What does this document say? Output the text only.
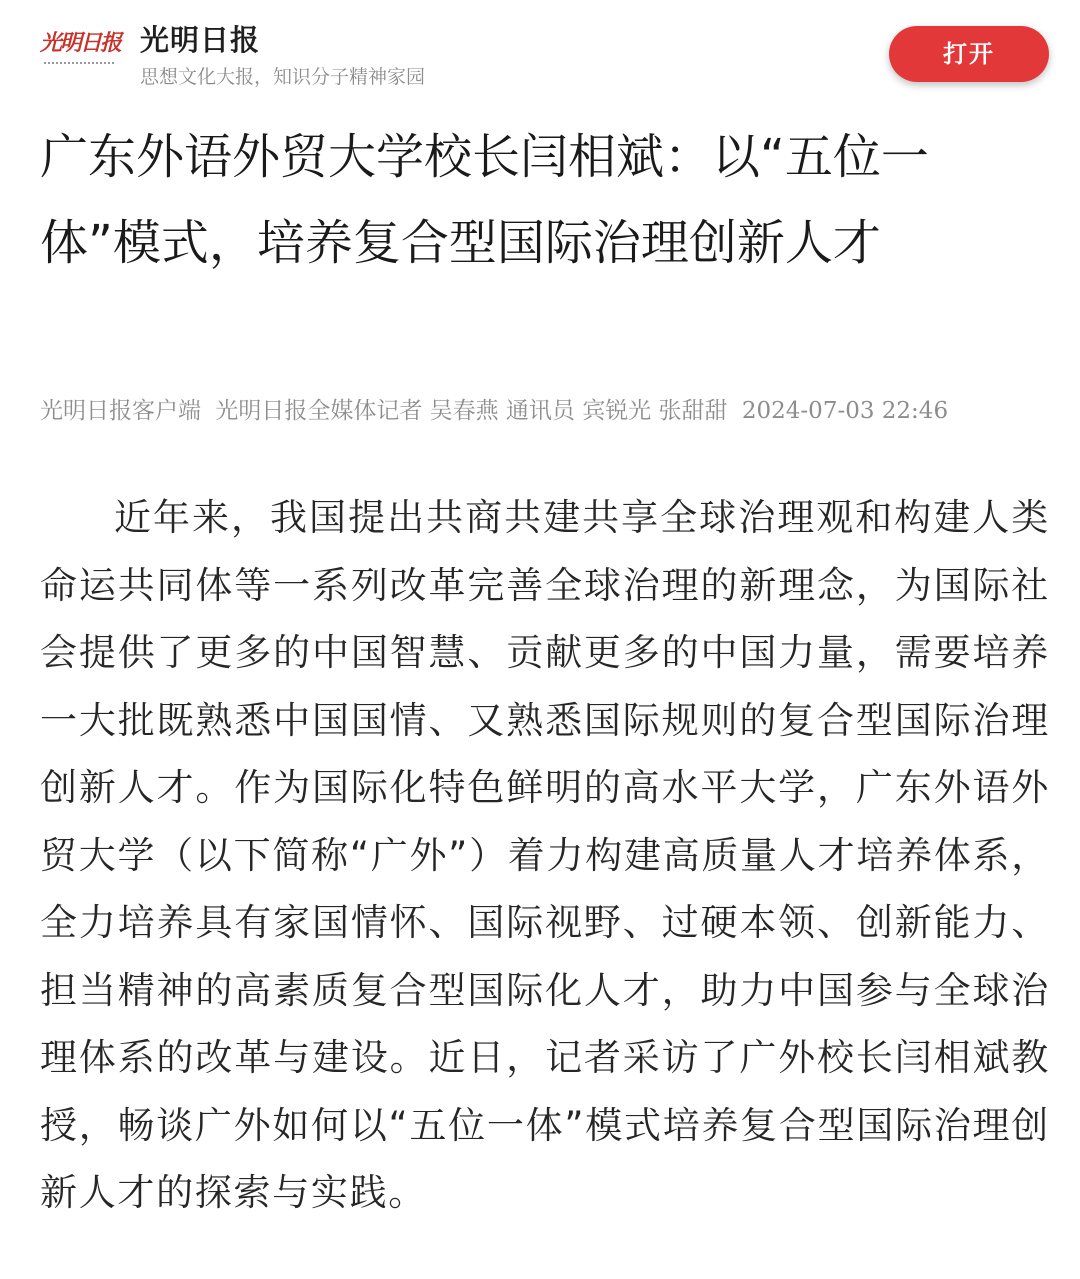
光明日报 光明日报
思想文化大报，知识分子精神家园
打开
广东外语外贸大学校长闫相斌：以“五位一体”模式，培养复合型国际治理创新人才
光明日报客户端 光明日报全媒体记者 吴春燕 通讯员 宾锐光 张甜甜 2024-07-03 22:46

近年来，我国提出共商共建共享全球治理观和构建人类命运共同体等一系列改革完善全球治理的新理念，为国际社会提供了更多的中国智慧、贡献更多的中国力量，需要培养一大批既熟悉中国国情、又熟悉国际规则的复合型国际治理创新人才。作为国际化特色鲜明的高水平大学，广东外语外贸大学（以下简称“广外”）着力构建高质量人才培养体系，全力培养具有家国情怀、国际视野、过硬本领、创新能力、担当精神的高素质复合型国际化人才，助力中国参与全球治理体系的改革与建设。近日，记者采访了广外校长闫相斌教授，畅谈广外如何以“五位一体”模式培养复合型国际治理创新人才的探索与实践。
